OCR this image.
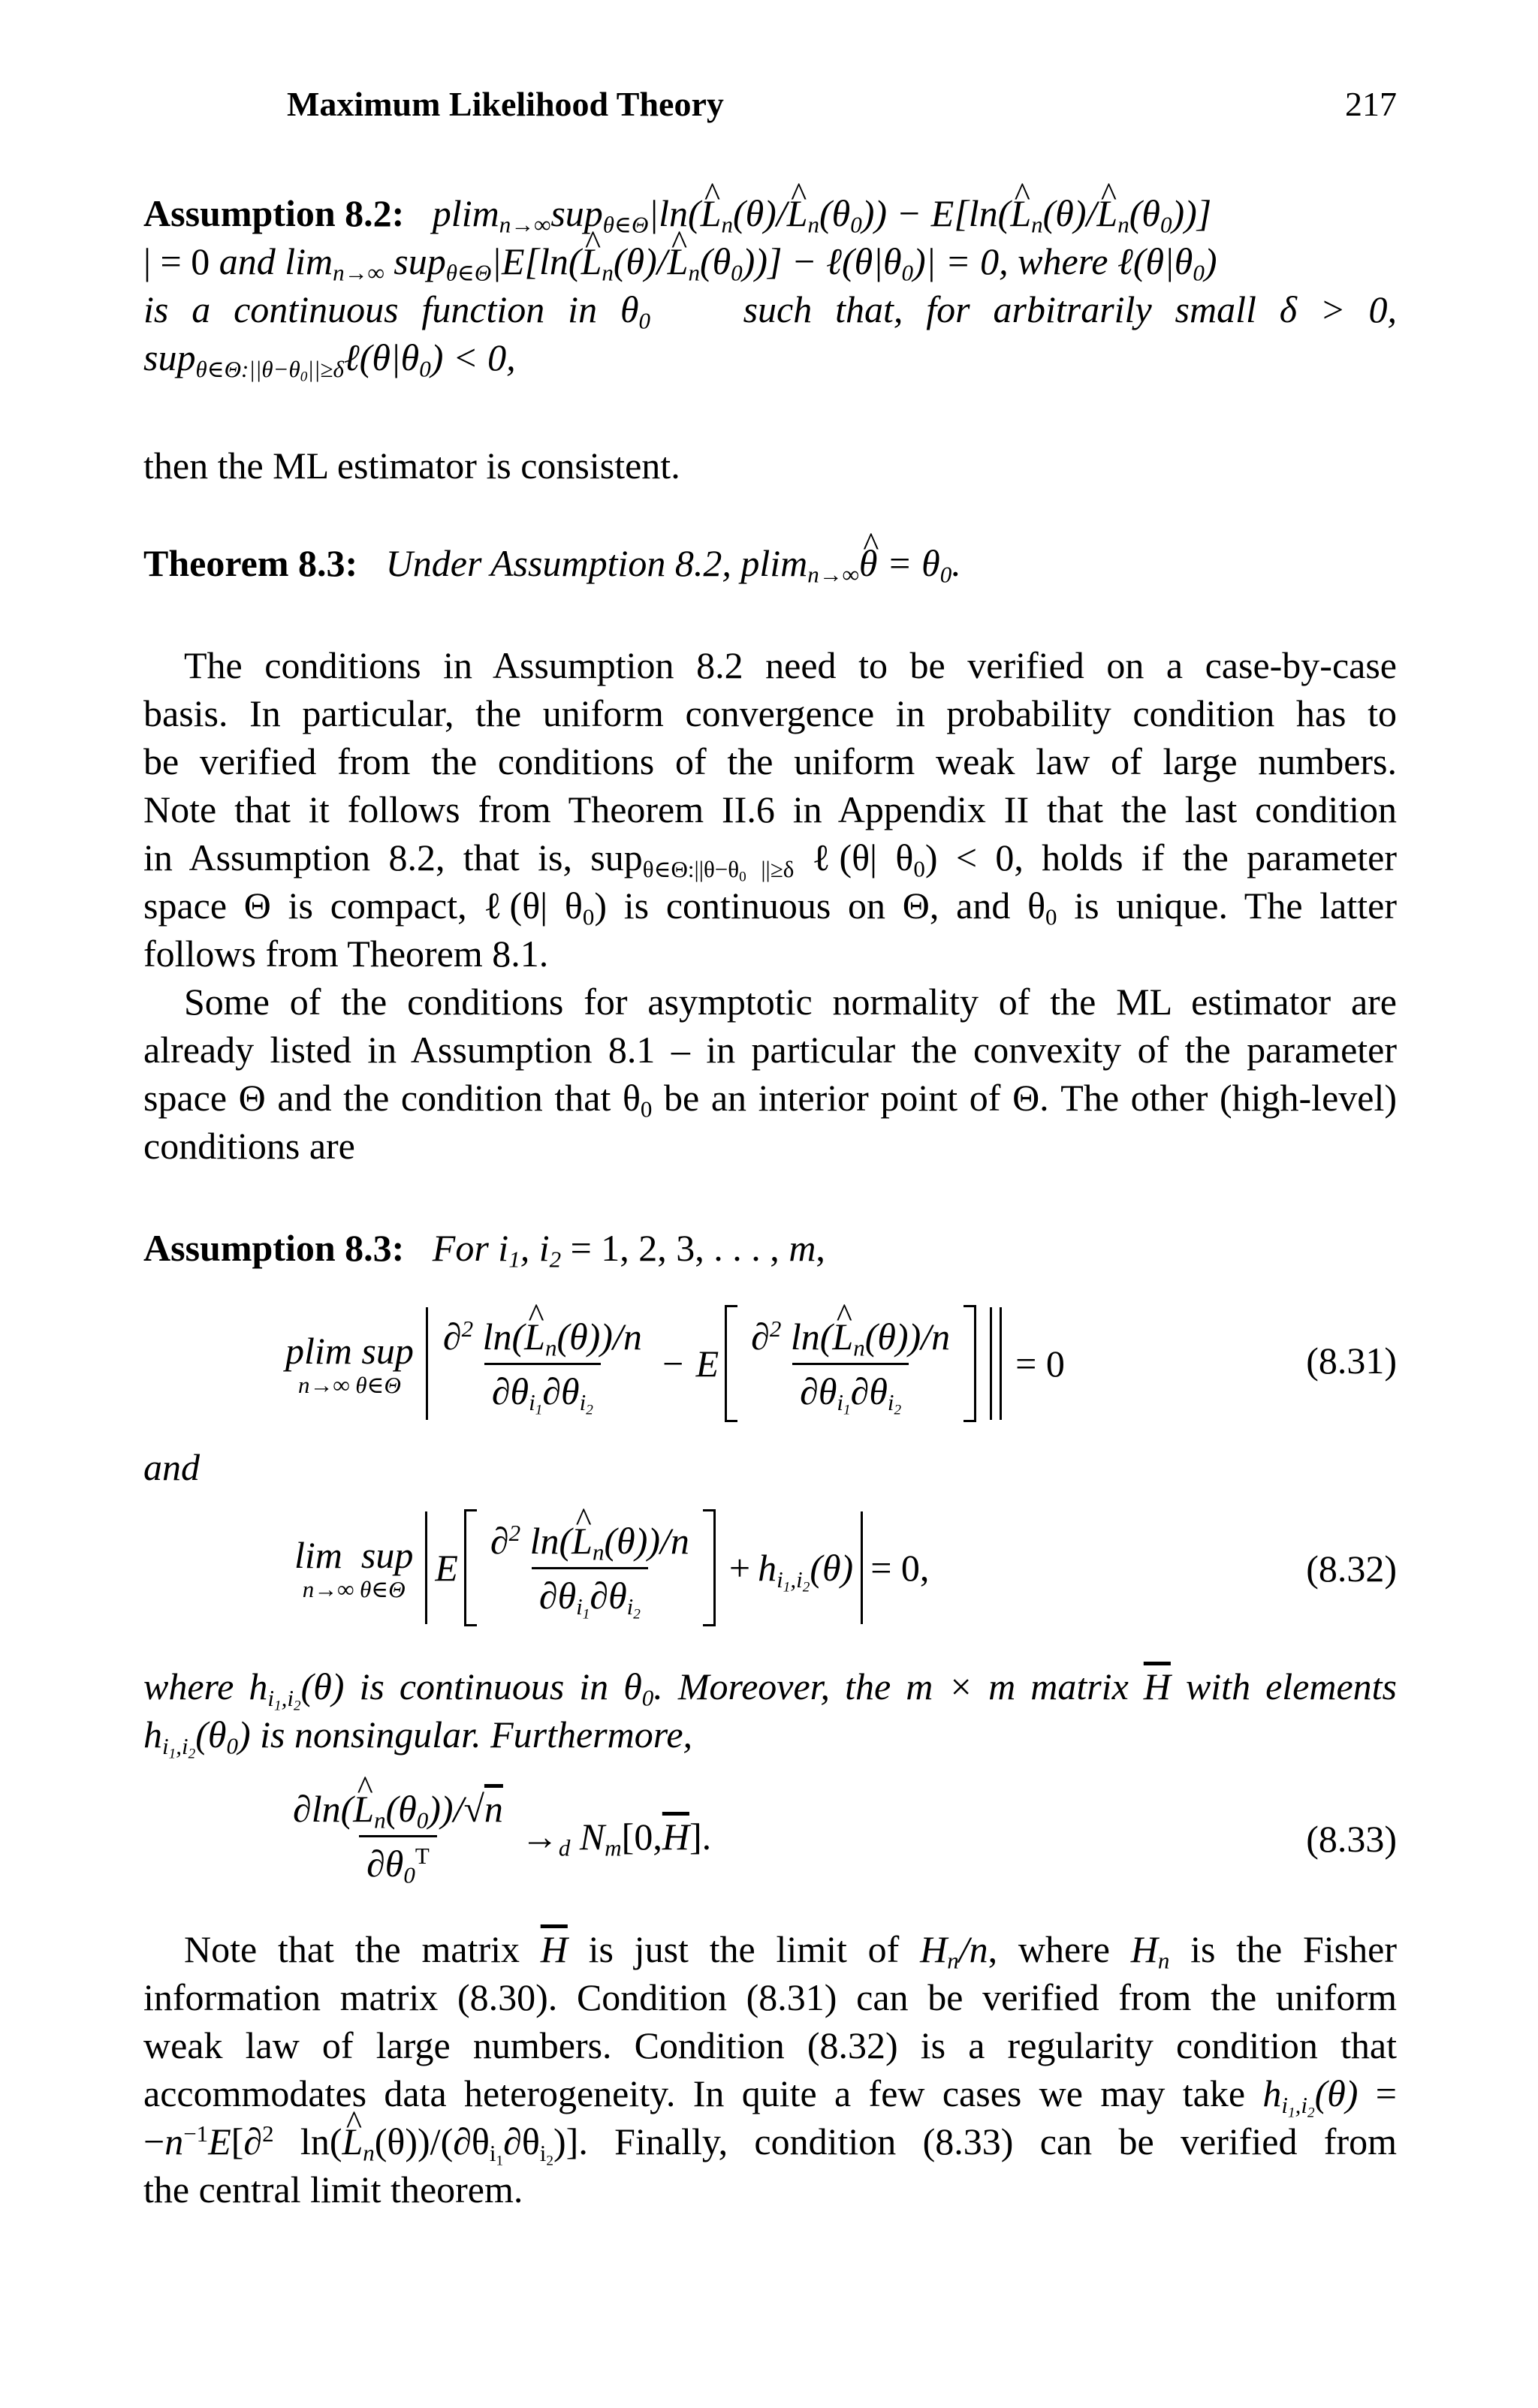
Maximum Likelihood Theory	217
Assumption 8.2:   plim$_{n\to\infty}$sup$_{\theta\in\Theta}$|ln(^ $L_n(\theta)/\^{}$ $L_n(\theta_0)$) − E[ln(^ $L_n(\theta)/\^{}$ $L_n(\theta_0)$)]
| = 0 and $\lim_{n\to\infty}$ sup$_{\theta\in\Theta}$|E[ln(^ $L_n(\theta)/\^{}$ $L_n(\theta_0)$)] − $\ell(\theta|\theta_0)| = 0$, where $\ell(\theta|\theta_0)$
is a continuous function in $\theta_0$ such that, for arbitrarily small δ > 0,
$sup_{\theta\in\Theta:||\theta-\theta_0||\ge\delta}\ell(\theta|\theta_0) < 0$,
then the ML estimator is consistent.
Theorem 8.3: Under Assumption 8.2, plim$_{n\to\infty}$^ $\theta = \theta_0$.
The conditions in Assumption 8.2 need to be verified on a case-by-case
basis. In particular, the uniform convergence in probability condition has to
be verified from the conditions of the uniform weak law of large numbers.
Note that it follows from Theorem II.6 in Appendix II that the last condition
in Assumption 8.2, that is, sup$_{\theta\in\Theta:||\theta-\theta_0 ||\ge\delta}$ ℓ(θ| $\theta_0) < 0$, holds if the parameter
space Θ is compact, ℓ(θ| $\theta_0$) is continuous on Θ, and $\theta_0$ is unique. The latter
follows from Theorem 8.1.
Some of the conditions for asymptotic normality of the ML estimator are
already listed in Assumption 8.1 – in particular the convexity of the parameter
space Θ and the condition that $\theta_0$ be an interior point of Θ. The other (high-level)
conditions are
Assumption 8.3: For $i_1$, $i_2 = 1$, 2, 3, . . . , m,
plim sup
n→∞ θ∈Θ $\frac{\partial^2 \ln(\^{} L_n(\theta))/n}{\partial\theta_{i_1}\partial\theta_{i_2}} - E \frac{\partial^2 \ln(\^{} L_n(\theta))/n}{\partial\theta_{i_1}\partial\theta_{i_2}} = 0$	(8.31)
and
lim  sup
n→∞ θ∈Θ
E $\frac{\partial^2 \ln(\^{} L_n(\theta))/n}{\partial\theta_{i_1}\partial\theta_{i_2}} + h_{i_1,i_2}(\theta) = 0$,	(8.32)
where $h_{i_1,i_2}(\theta)$ is continuous in $\theta_0$. Moreover, the m × m matrix $\overline{H}$ with elements
$h_{i_1,i_2}(\theta_0)$ is nonsingular. Furthermore,
$\frac{\partial\ln(\^{} L_n(\theta_0))/√n}{\partial\theta_0^T} \to_d$ $N_m$ [0, $\overline{H}$ ].	(8.33)
Note that the matrix $\overline{H}$ is just the limit of $H_n/n$, where $H_n$ is the Fisher
information matrix (8.30). Condition (8.31) can be verified from the uniform
weak law of large numbers. Condition (8.32) is a regularity condition that
accommodates data heterogeneity. In quite a few cases we may take $h_{i_1,i_2}(\theta)$ =
$-n^{-1}E[\partial^2$ ln(^ $L_n(\theta))/(\partial\theta_{i_1}\partial\theta_{i_2})$]. Finally, condition (8.33) can be verified from
the central limit theorem.
